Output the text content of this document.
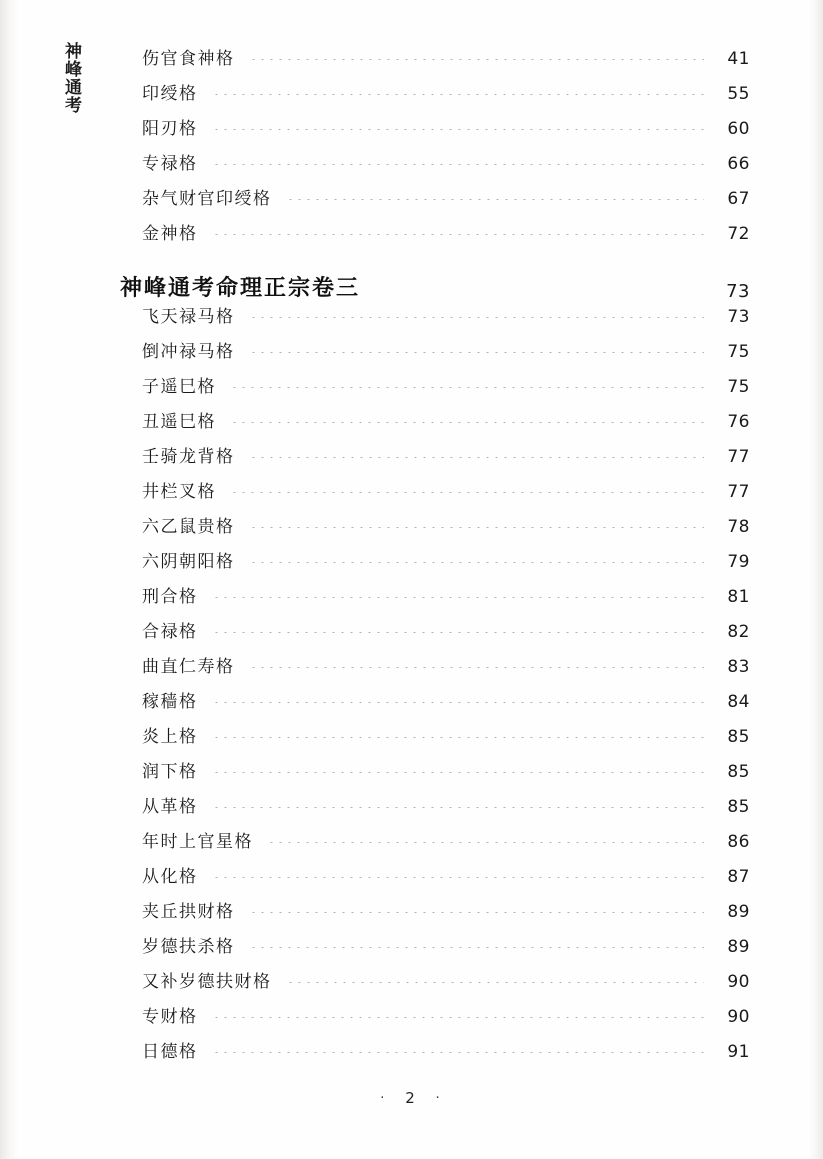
神峰通考	伤官食神格	41
印绶格	55
阳刃格	60
专禄格	66
杂气财官印绶格	67
金神格	72
神峰通考命理正宗卷三	73
飞天禄马格	73
倒冲禄马格	75
子遥巳格	75
丑遥巳格	76
壬骑龙背格	77
井栏叉格	77
六乙鼠贵格	78
六阴朝阳格	79
刑合格	81
合禄格	82
曲直仁寿格	83
稼穑格	84
炎上格	85
润下格	85
从革格	85
年时上官星格	86
从化格	87
夹丘拱财格	89
岁德扶杀格	89
又补岁德扶财格	90
专财格	90
日德格	91
· 2 ·
